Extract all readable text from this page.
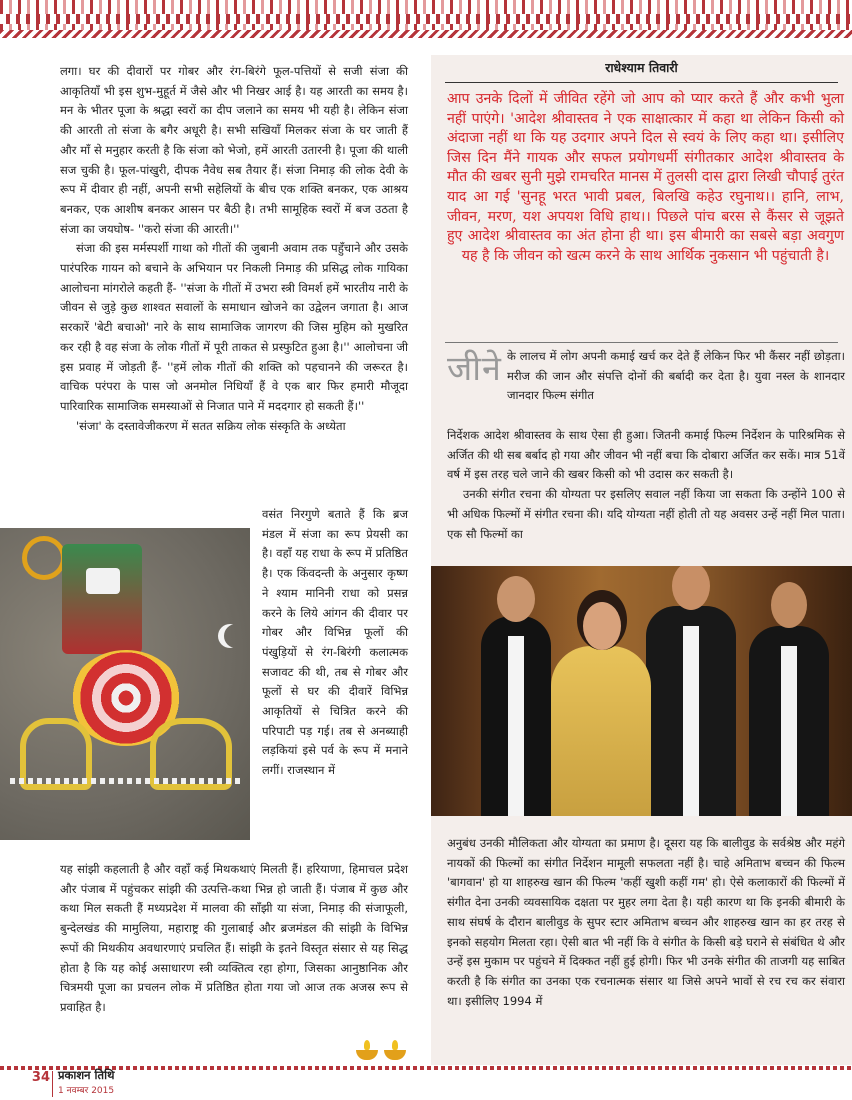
लगा। घर की दीवारों पर गोबर और रंग-बिरंगे फूल-पत्तियों से सजी संजा की आकृतियाँ भी इस शुभ-मुहूर्त में जैसे और भी निखर आई है। यह आरती का समय है। मन के भीतर पूजा के श्रद्धा स्वरों का दीप जलाने का समय भी यही है। लेकिन संजा की आरती तो संजा के बगैर अधूरी है। सभी सखियाँ मिलकर संजा के घर जाती हैं और माँ से मनुहार करती है कि संजा को भेजो, हमें आरती उतारनी है। पूजा की थाली सज चुकी है। फूल-पांखुरी, दीपक नैवेध सब तैयार हैं। संजा निमाड़ की लोक देवी के रूप में दीवार ही नहीं, अपनी सभी सहेलियों के बीच एक शक्ति बनकर, एक आश्रय बनकर, एक आशीष बनकर आसन पर बैठी है। तभी सामूहिक स्वरों में बज उठता है संजा का जयघोष- ''करो संजा की आरती।''

संजा की इस मर्मस्पर्शी गाथा को गीतों की जुबानी अवाम तक पहुँचाने और उसके पारंपरिक गायन को बचाने के अभियान पर निकली निमाड़ की प्रसिद्ध लोक गायिका आलोचना मांगरोले कहती हैं- ''संजा के गीतों में उभरा स्त्री विमर्श हमें भारतीय नारी के जीवन से जुड़े कुछ शाश्वत सवालों के समाधान खोजने का उद्वेलन जगाता है। आज सरकारें 'बेटी बचाओ' नारे के साथ सामाजिक जागरण की जिस मुहिम को मुखरित कर रही है वह संजा के लोक गीतों में पूरी ताकत से प्रस्फुटित हुआ है।'' आलोचना जी इस प्रवाह में जोड़ती हैं- ''हमें लोक गीतों की शक्ति को पहचानने की जरूरत है। वाचिक परंपरा के पास जो अनमोल निधियाँ हैं वे एक बार फिर हमारी मौजूदा पारिवारिक सामाजिक समस्याओं से निजात पाने में मददगार हो सकती हैं।''

'संजा' के दस्तावेजीकरण में सतत सक्रिय लोक संस्कृति के अध्येता

वसंत निरगुणे बताते हैं कि ब्रज मंडल में संजा का रूप प्रेयसी का है। वहाँ यह राधा के रूप में प्रतिष्ठित है। एक किंवदन्ती के अनुसार कृष्ण ने श्याम मानिनी राधा को प्रसन्न करने के लिये आंगन की दीवार पर गोबर और विभिन्न फूलों की पंखुड़ियों से रंग-बिरंगी कलात्मक सजावट की थी, तब से गोबर और फूलों से घर की दीवारें विभिन्न आकृतियों से चित्रित करने की परिपाटी पड़ गई। तब से अनब्याही लड़कियां इसे पर्व के रूप में मनाने लगीं। राजस्थान में
यह सांझी कहलाती है और वहाँ कई मिथकथाएं मिलती हैं। हरियाणा, हिमाचल प्रदेश और पंजाब में पहुंचकर सांझी की उत्पत्ति-कथा भिन्न हो जाती हैं। पंजाब में कुछ और कथा मिल सकती हैं मध्यप्रदेश में मालवा की साँझी या संजा, निमाड़ की संजाफूली, बुन्देलखंड की मामुलिया, महाराष्ट्र की गुलाबाई और ब्रजमंडल की सांझी के विभिन्न रूपों की मिथकीय अवधारणाएं प्रचलित हैं। सांझी के इतने विस्तृत संसार से यह सिद्ध होता है कि यह कोई असाधारण स्त्री व्यक्तित्व रहा होगा, जिसका आनुष्ठानिक और चित्रमयी पूजा का प्रचलन लोक में प्रतिष्ठित होता गया जो आज तक अजस्र रूप से प्रवाहित है।
राधेश्याम तिवारी

आप उनके दिलों में जीवित रहेंगे जो आप को प्यार करते हैं और कभी भुला नहीं पाएंगे। 'आदेश श्रीवास्तव ने एक साक्षात्कार में कहा था लेकिन किसी को अंदाजा नहीं था कि यह उदगार अपने दिल से स्वयं के लिए कहा था। इसीलिए जिस दिन मैंने गायक और सफल प्रयोगधर्मी संगीतकार आदेश श्रीवास्तव के मौत की खबर सुनी मुझे रामचरित मानस में तुलसी दास द्वारा लिखी चौपाई तुरंत याद आ गई 'सुनहू भरत भावी प्रबल, बिलखि कहेउ रघुनाथ।। हानि, लाभ, जीवन, मरण, यश अपयश विधि हाथ।। पिछले पांच बरस से कैंसर से जूझते हुए आदेश श्रीवास्तव का अंत होना ही था। इस बीमारी का सबसे बड़ा अवगुण यह है कि जीवन को खत्म करने के साथ आर्थिक नुकसान भी पहुंचाती है।

जीने के लालच में लोग अपनी कमाई खर्च कर देते हैं लेकिन फिर भी कैंसर नहीं छोड़ता। मरीज की जान और संपत्ति दोनों की बर्बादी कर देता है। युवा नस्ल के शानदार जानदार फिल्म संगीत

निर्देशक आदेश श्रीवास्तव के साथ ऐसा ही हुआ। जितनी कमाई फिल्म निर्देशन के पारिश्रमिक से अर्जित की थी सब बर्बाद हो गया और जीवन भी नहीं बचा कि दोबारा अर्जित कर सकें। मात्र 51वें वर्ष में इस तरह चले जाने की खबर किसी को भी उदास कर सकती है।

उनकी संगीत रचना की योग्यता पर इसलिए सवाल नहीं किया जा सकता कि उन्होंने 100 से भी अधिक फिल्मों में संगीत रचना की। यदि योग्यता नहीं होती तो यह अवसर उन्हें नहीं मिल पाता। एक सौ फिल्मों का

अनुबंध उनकी मौलिकता और योग्यता का प्रमाण है। दूसरा यह कि बालीवुड के सर्वश्रेष्ठ और महंगे नायकों की फिल्मों का संगीत निर्देशन मामूली सफलता नहीं है। चाहे अमिताभ बच्चन की फिल्म 'बागवान' हो या शाहरुख खान की फिल्म 'कहीं खुशी कहीं गम' हो। ऐसे कलाकारों की फिल्मों में संगीत देना उनकी व्यवसायिक दक्षता पर मुहर लगा देता है। यही कारण था कि इनकी बीमारी के साथ संघर्ष के दौरान बालीवुड के सुपर स्टार अमिताभ बच्चन और शाहरुख खान का हर तरह से इनको सहयोग मिलता रहा। ऐसी बात भी नहीं कि वे संगीत के किसी बड़े घराने से संबंधित थे और उन्हें इस मुकाम पर पहुंचने में दिक्कत नहीं हुई होगी। फिर भी उनके संगीत की ताजगी यह साबित करती है कि संगीत का उनका एक रचनात्मक संसार था जिसे अपने भावों से रच रच कर संवारा था। इसीलिए 1994 में
34 प्रकाशन तिथि
1 नवम्बर 2015
